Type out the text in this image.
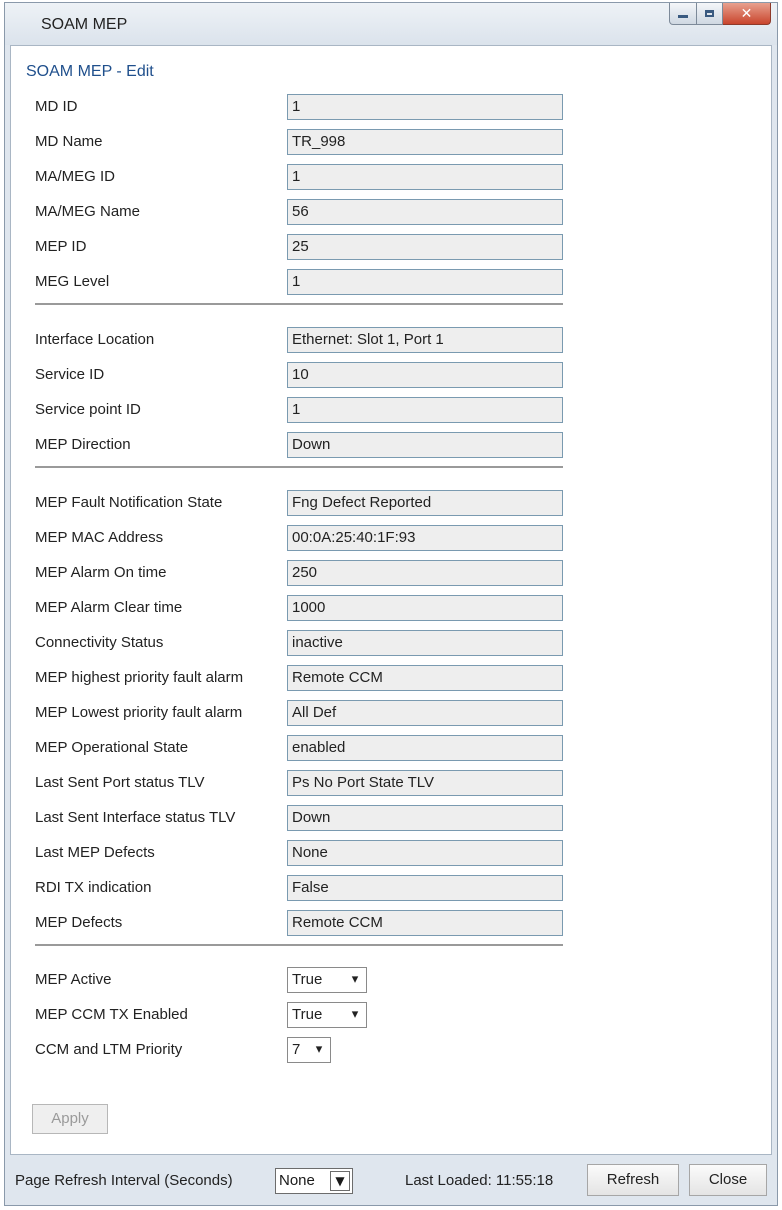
SOAM MEP
✕
SOAM MEP - Edit
MD ID	1
MD Name	TR_998
MA/MEG ID	1
MA/MEG Name	56
MEP ID	25
MEG Level	1
Interface Location	Ethernet: Slot 1, Port 1
Service ID	10
Service point ID	1
MEP Direction	Down
MEP Fault Notification State	Fng Defect Reported
MEP MAC Address	00:0A:25:40:1F:93
MEP Alarm On time	250
MEP Alarm Clear time	1000
Connectivity Status	inactive
MEP highest priority fault alarm	Remote CCM
MEP Lowest priority fault alarm	All Def
MEP Operational State	enabled
Last Sent Port status TLV	Ps No Port State TLV
Last Sent Interface status TLV	Down
Last MEP Defects	None
RDI TX indication	False
MEP Defects	Remote CCM
MEP Active	True	▾
MEP CCM TX Enabled	True	▾
CCM and LTM Priority	7	▾
Apply
Page Refresh Interval (Seconds)	None	▼	Last Loaded: 11:55:18	Refresh	Close
